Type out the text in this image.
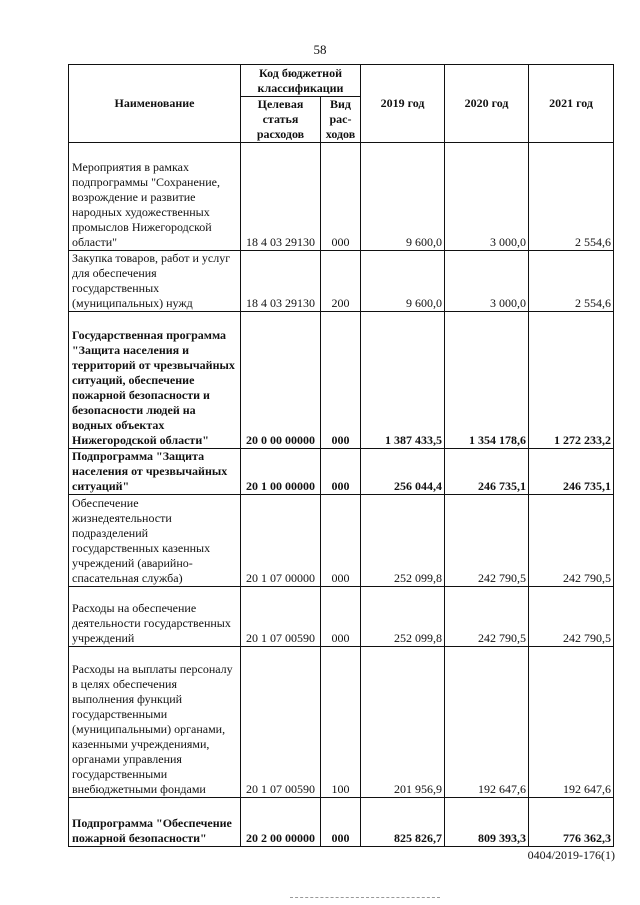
58
Наименование	Код бюджетной классификации		2019 год	2020 год	2021 год
	Целевая статья расходов	Вид рас-ходов			
Мероприятия в рамках подпрограммы "Сохранение, возрождение и развитие народных художественных промыслов Нижегородской области"	18 4 03 29130	000	9 600,0	3 000,0	2 554,6
Закупка товаров, работ и услуг для обеспечения государственных (муниципальных) нужд	18 4 03 29130	200	9 600,0	3 000,0	2 554,6
Государственная программа "Защита населения и территорий от чрезвычайных ситуаций, обеспечение пожарной безопасности и безопасности людей на водных объектах Нижегородской области"	20 0 00 00000	000	1 387 433,5	1 354 178,6	1 272 233,2
Подпрограмма "Защита населения от чрезвычайных ситуаций"	20 1 00 00000	000	256 044,4	246 735,1	246 735,1
Обеспечение жизнедеятельности подразделений государственных казенных учреждений (аварийно-спасательная служба)	20 1 07 00000	000	252 099,8	242 790,5	242 790,5
Расходы на обеспечение деятельности государственных учреждений	20 1 07 00590	000	252 099,8	242 790,5	242 790,5
Расходы на выплаты персоналу в целях обеспечения выполнения функций государственными (муниципальными) органами, казенными учреждениями, органами управления государственными внебюджетными фондами	20 1 07 00590	100	201 956,9	192 647,6	192 647,6
Подпрограмма "Обеспечение пожарной безопасности"	20 2 00 00000	000	825 826,7	809 393,3	776 362,3
0404/2019-176(1)
